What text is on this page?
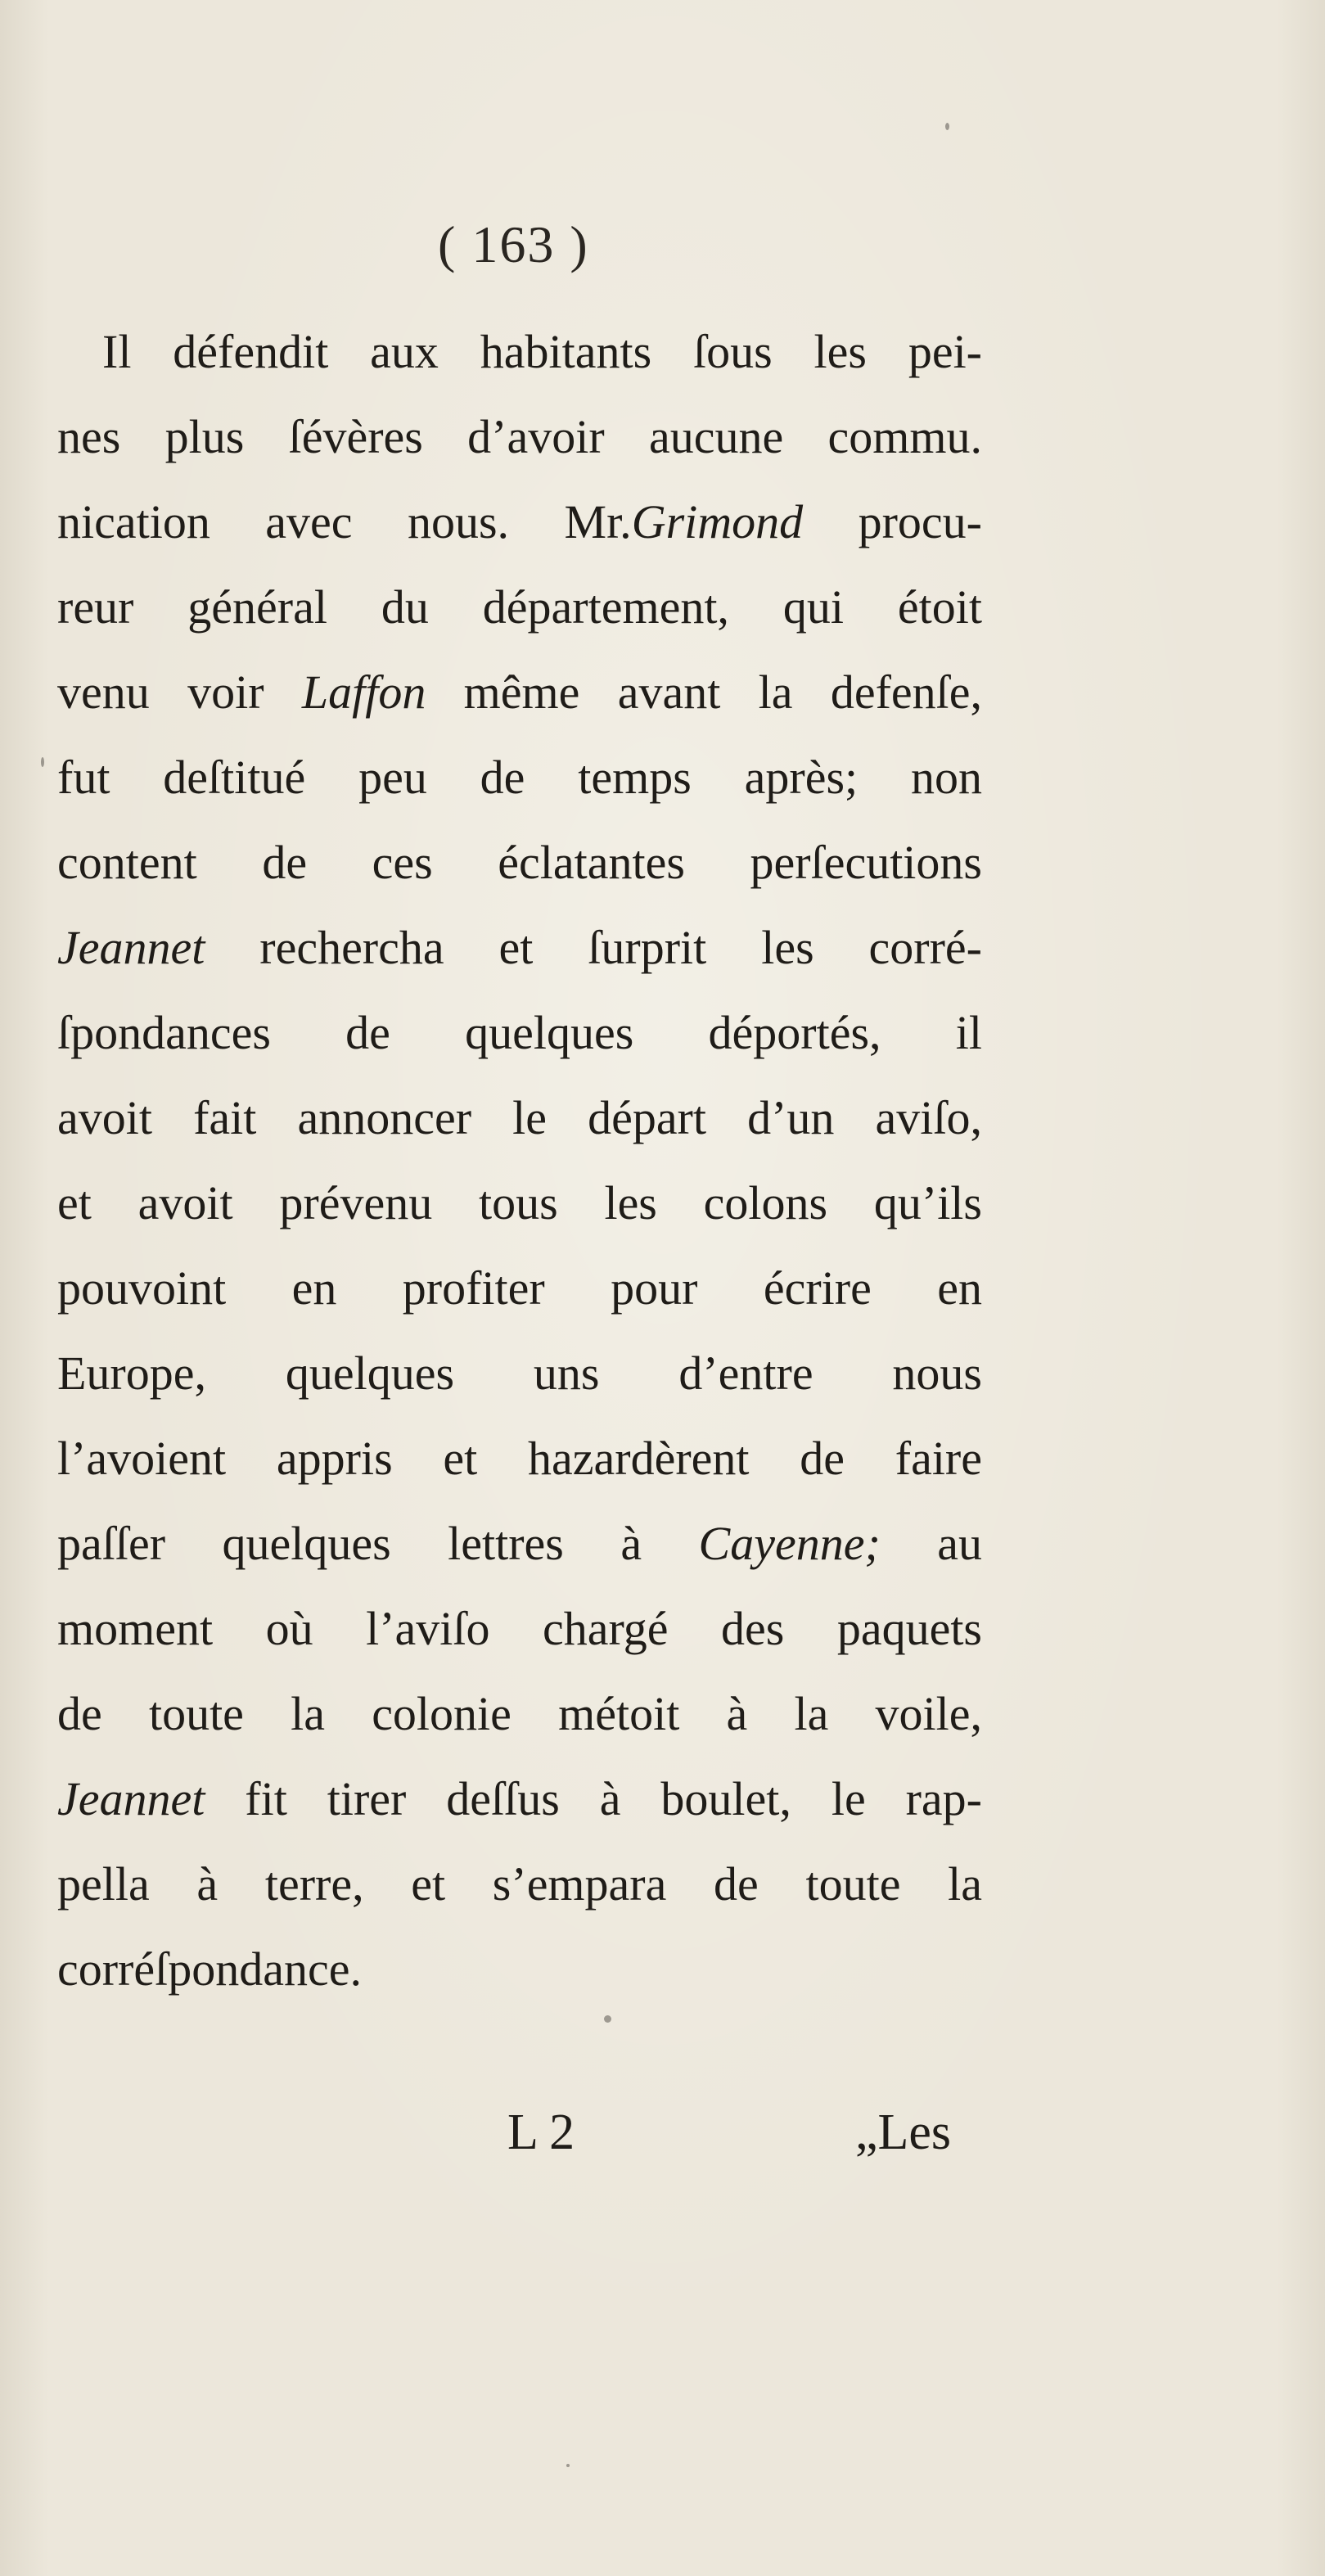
( 163 )
Il défendit aux habitants ſous les pei-
nes plus ſévères d’avoir aucune commu.
nication avec nous. Mr.Grimond procu-
reur général du département, qui étoit
venu voir Laffon même avant la defenſe,
fut deſtitué peu de temps après; non
content de ces éclatantes perſecutions
Jeannet rechercha et ſurprit les corré-
ſpondances de quelques déportés, il
avoit fait annoncer le départ d’un aviſo,
et avoit prévenu tous les colons qu’ils
pouvoint en profiter pour écrire en
Europe, quelques uns d’entre nous
l’avoient appris et hazardèrent de faire
paſſer quelques lettres à Cayenne; au
moment où l’aviſo chargé des paquets
de toute la colonie métoit à la voile,
Jeannet fit tirer deſſus à boulet, le rap-
pella à terre, et s’empara de toute la
corréſpondance.
L 2	„Les
